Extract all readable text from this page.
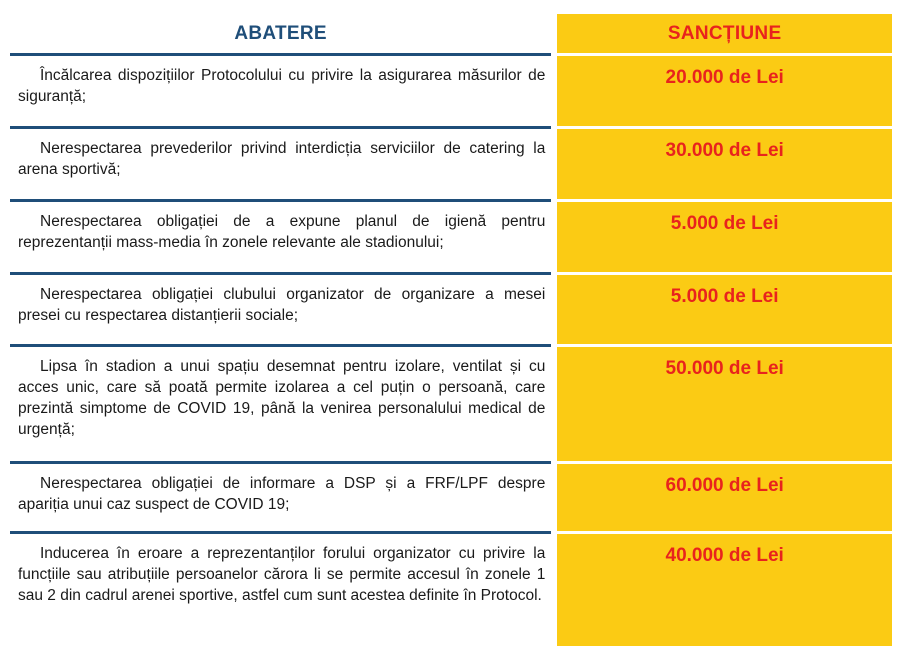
ABATERE	SANCȚIUNE
Încălcarea dispozițiilor Protocolului cu privire la asigurarea măsurilor de siguranță;
20.000 de Lei
Nerespectarea prevederilor privind interdicția serviciilor de catering la arena sportivă;
30.000 de Lei
Nerespectarea obligației de a expune planul de igienă pentru reprezentanții mass-media în zonele relevante ale stadionului;
5.000 de Lei
Nerespectarea obligației clubului organizator de organizare a mesei presei cu respectarea distanțierii sociale;
5.000 de Lei
Lipsa în stadion a unui spațiu desemnat pentru izolare, ventilat și cu acces unic, care să poată permite izolarea a cel puțin o persoană, care prezintă simptome de COVID 19, până la venirea personalului medical de urgență;
50.000 de Lei
Nerespectarea obligației de informare a DSP și a FRF/LPF despre apariția unui caz suspect de COVID 19;
60.000 de Lei
Inducerea în eroare a reprezentanților forului organizator cu privire la funcțiile sau atribuțiile persoanelor cărora li se permite accesul în zonele 1 sau 2 din cadrul arenei sportive, astfel cum sunt acestea definite în Protocol.
40.000 de Lei
